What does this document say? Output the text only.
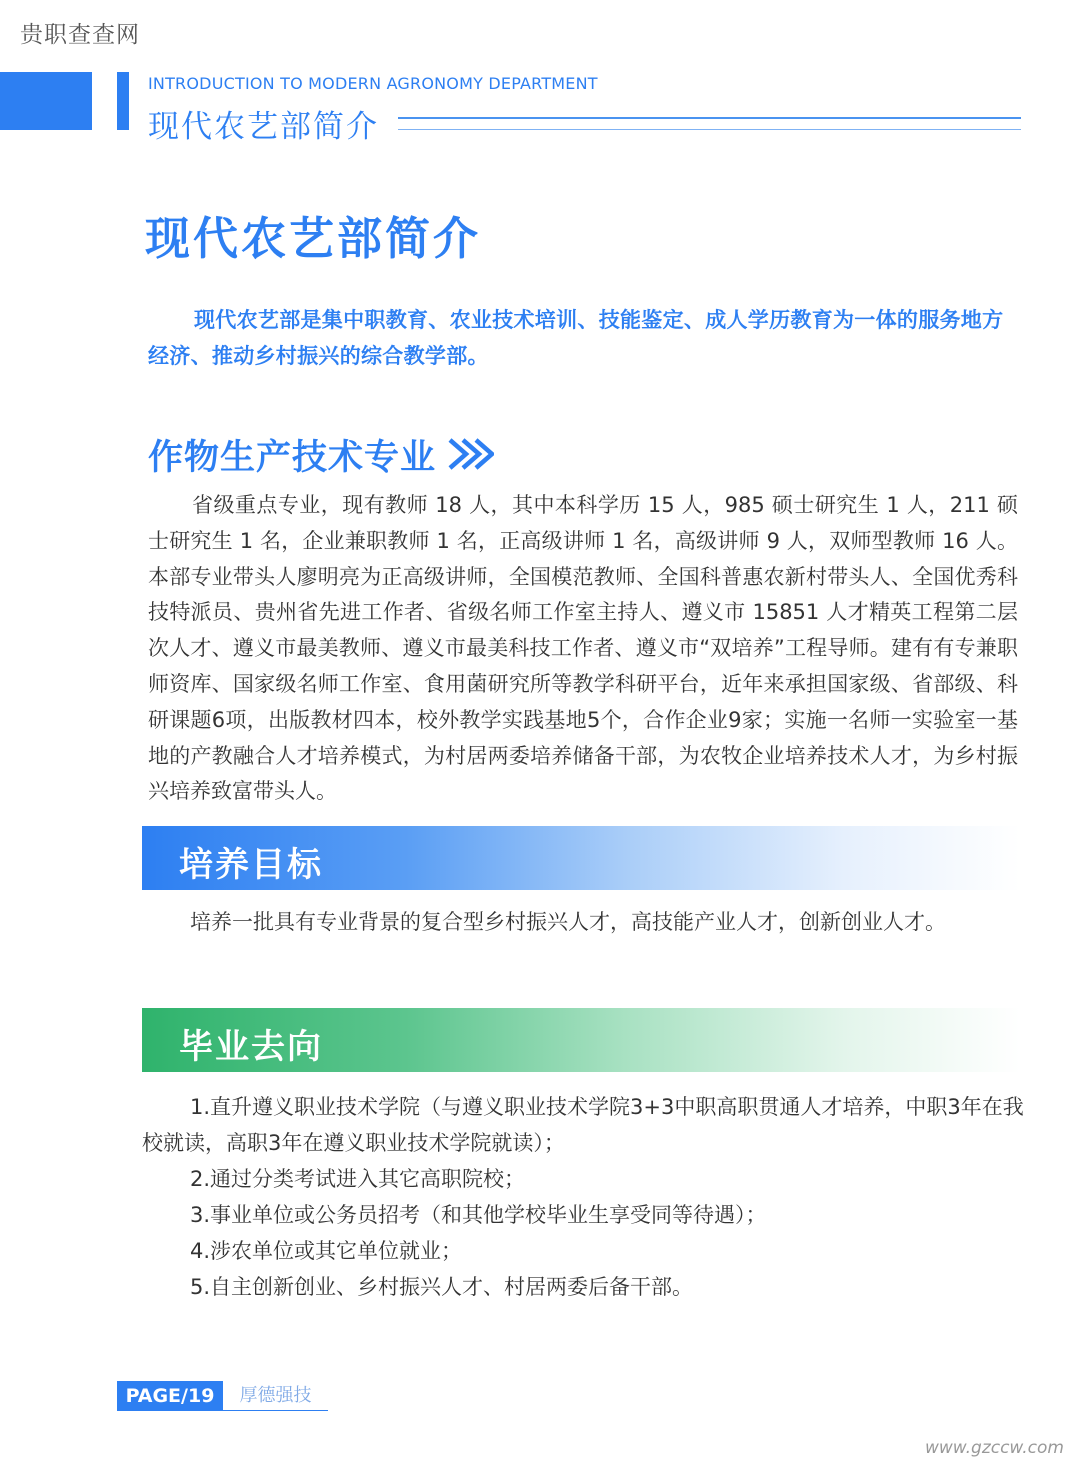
贵职查查网
INTRODUCTION TO MODERN AGRONOMY DEPARTMENT
现代农艺部简介
现代农艺部简介
现代农艺部是集中职教育、农业技术培训、技能鉴定、成人学历教育为一体的服务地方经济、推动乡村振兴的综合教学部。
作物生产技术专业
省级重点专业，现有教师 18 人，其中本科学历 15 人，985 硕士研究生 1 人，211 硕士研究生 1 名，企业兼职教师 1 名，正高级讲师 1 名，高级讲师 9 人，双师型教师 16 人。本部专业带头人廖明亮为正高级讲师，全国模范教师、全国科普惠农新村带头人、全国优秀科技特派员、贵州省先进工作者、省级名师工作室主持人、遵义市 15851 人才精英工程第二层次人才、遵义市最美教师、遵义市最美科技工作者、遵义市“双培养”工程导师。建有有专兼职师资库、国家级名师工作室、食用菌研究所等教学科研平台，近年来承担国家级、省部级、科研课题6项，出版教材四本，校外教学实践基地5个，合作企业9家；实施一名师一实验室一基地的产教融合人才培养模式，为村居两委培养储备干部，为农牧企业培养技术人才，为乡村振兴培养致富带头人。
培养目标
培养一批具有专业背景的复合型乡村振兴人才，高技能产业人才，创新创业人才。
毕业去向
1.直升遵义职业技术学院（与遵义职业技术学院3+3中职高职贯通人才培养，中职3年在我校就读，高职3年在遵义职业技术学院就读）；
2.通过分类考试进入其它高职院校；
3.事业单位或公务员招考（和其他学校毕业生享受同等待遇）；
4.涉农单位或其它单位就业；
5.自主创新创业、乡村振兴人才、村居两委后备干部。
PAGE/19	厚德强技
www.gzccw.com
